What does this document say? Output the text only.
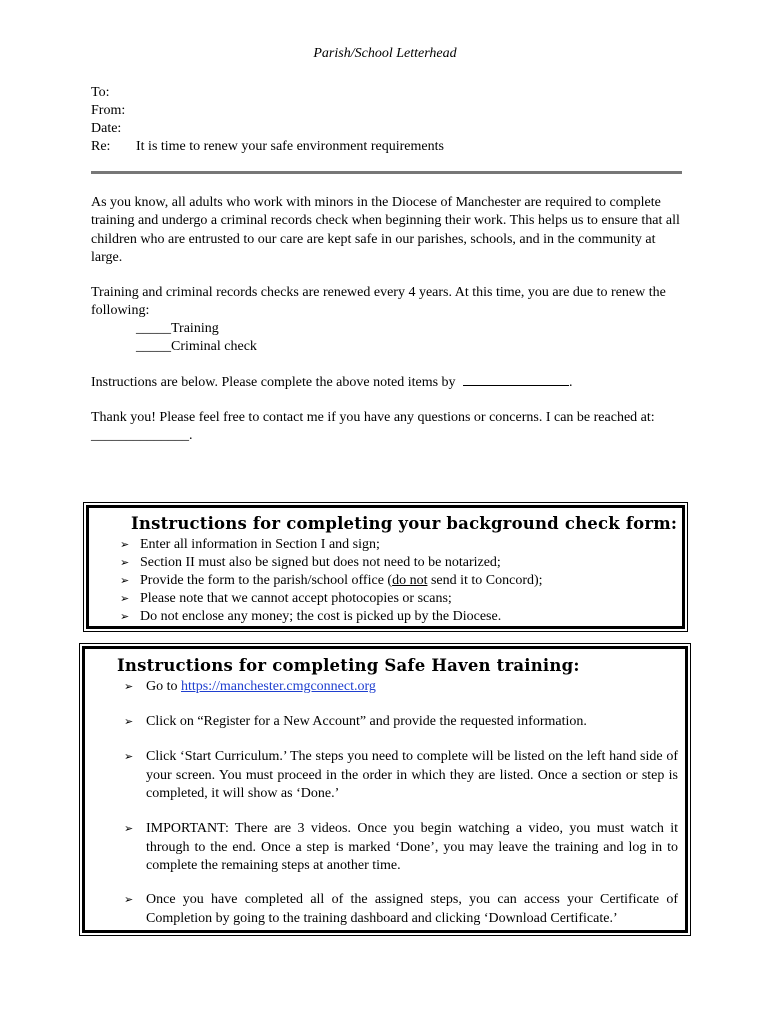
Parish/School Letterhead
To:
From:
Date:
Re: It is time to renew your safe environment requirements
As you know, all adults who work with minors in the Diocese of Manchester are required to complete training and undergo a criminal records check when beginning their work. This helps us to ensure that all children who are entrusted to our care are kept safe in our parishes, schools, and in the community at large.
Training and criminal records checks are renewed every 4 years. At this time, you are due to renew the following:
_____Training
_____Criminal check
Instructions are below. Please complete the above noted items by	.
Thank you! Please feel free to contact me if you have any questions or concerns. I can be reached at: ______________.
Instructions for completing your background check form:
➢ Enter all information in Section I and sign;
➢ Section II must also be signed but does not need to be notarized;
➢ Provide the form to the parish/school office (do not send it to Concord);
➢ Please note that we cannot accept photocopies or scans;
➢ Do not enclose any money; the cost is picked up by the Diocese.
Instructions for completing Safe Haven training:
➢ Go to https://manchester.cmgconnect.org
➢ Click on “Register for a New Account” and provide the requested information.
➢ Click ‘Start Curriculum.’ The steps you need to complete will be listed on the left hand side of your screen. You must proceed in the order in which they are listed. Once a section or step is completed, it will show as ‘Done.’
➢ IMPORTANT: There are 3 videos. Once you begin watching a video, you must watch it through to the end. Once a step is marked ‘Done’, you may leave the training and log in to complete the remaining steps at another time.
➢ Once you have completed all of the assigned steps, you can access your Certificate of Completion by going to the training dashboard and clicking ‘Download Certificate.’
